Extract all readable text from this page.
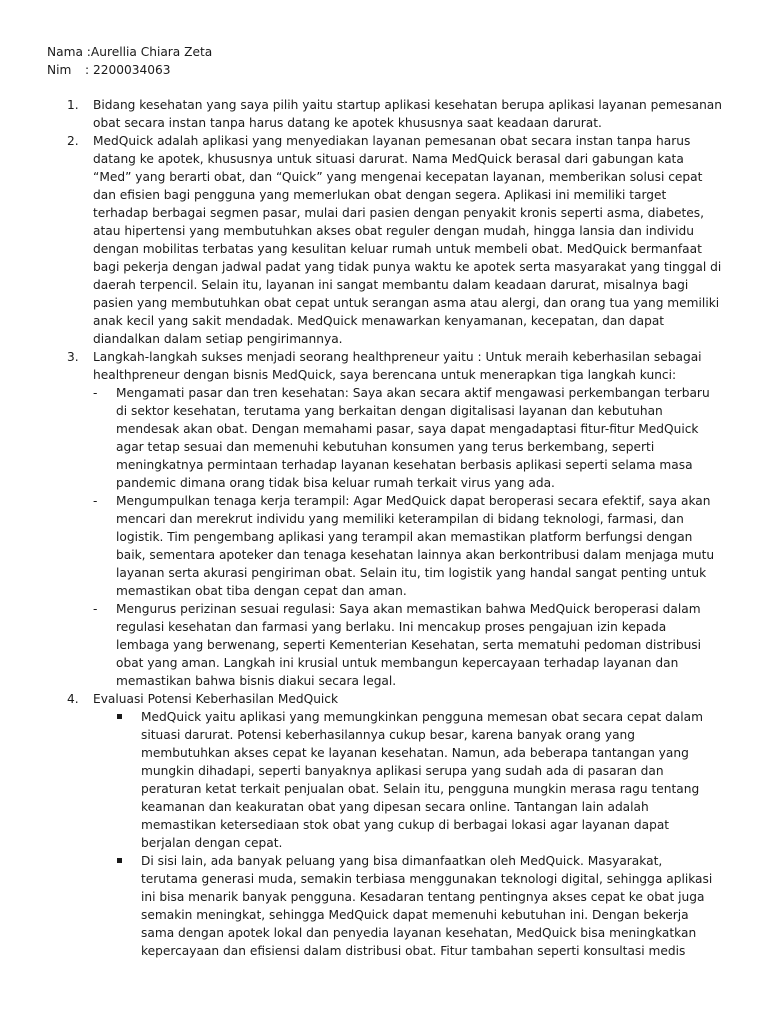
Nama :Aurellia Chiara Zeta
Nim : 2200034063
1. Bidang kesehatan yang saya pilih yaitu startup aplikasi kesehatan berupa aplikasi layanan pemesanan obat secara instan tanpa harus datang ke apotek khususnya saat keadaan darurat.
2. MedQuick adalah aplikasi yang menyediakan layanan pemesanan obat secara instan tanpa harus datang ke apotek, khususnya untuk situasi darurat. Nama MedQuick berasal dari gabungan kata “Med” yang berarti obat, dan “Quick” yang mengenai kecepatan layanan, memberikan solusi cepat dan efisien bagi pengguna yang memerlukan obat dengan segera. Aplikasi ini memiliki target terhadap berbagai segmen pasar, mulai dari pasien dengan penyakit kronis seperti asma, diabetes, atau hipertensi yang membutuhkan akses obat reguler dengan mudah, hingga lansia dan individu dengan mobilitas terbatas yang kesulitan keluar rumah untuk membeli obat. MedQuick bermanfaat bagi pekerja dengan jadwal padat yang tidak punya waktu ke apotek serta masyarakat yang tinggal di daerah terpencil. Selain itu, layanan ini sangat membantu dalam keadaan darurat, misalnya bagi pasien yang membutuhkan obat cepat untuk serangan asma atau alergi, dan orang tua yang memiliki anak kecil yang sakit mendadak. MedQuick menawarkan kenyamanan, kecepatan, dan dapat diandalkan dalam setiap pengirimannya.
3. Langkah-langkah sukses menjadi seorang healthpreneur yaitu : Untuk meraih keberhasilan sebagai healthpreneur dengan bisnis MedQuick, saya berencana untuk menerapkan tiga langkah kunci:
- Mengamati pasar dan tren kesehatan: Saya akan secara aktif mengawasi perkembangan terbaru di sektor kesehatan, terutama yang berkaitan dengan digitalisasi layanan dan kebutuhan mendesak akan obat. Dengan memahami pasar, saya dapat mengadaptasi fitur-fitur MedQuick agar tetap sesuai dan memenuhi kebutuhan konsumen yang terus berkembang, seperti meningkatnya permintaan terhadap layanan kesehatan berbasis aplikasi seperti selama masa pandemic dimana orang tidak bisa keluar rumah terkait virus yang ada.
- Mengumpulkan tenaga kerja terampil: Agar MedQuick dapat beroperasi secara efektif, saya akan mencari dan merekrut individu yang memiliki keterampilan di bidang teknologi, farmasi, dan logistik. Tim pengembang aplikasi yang terampil akan memastikan platform berfungsi dengan baik, sementara apoteker dan tenaga kesehatan lainnya akan berkontribusi dalam menjaga mutu layanan serta akurasi pengiriman obat. Selain itu, tim logistik yang handal sangat penting untuk memastikan obat tiba dengan cepat dan aman.
- Mengurus perizinan sesuai regulasi: Saya akan memastikan bahwa MedQuick beroperasi dalam regulasi kesehatan dan farmasi yang berlaku. Ini mencakup proses pengajuan izin kepada lembaga yang berwenang, seperti Kementerian Kesehatan, serta mematuhi pedoman distribusi obat yang aman. Langkah ini krusial untuk membangun kepercayaan terhadap layanan dan memastikan bahwa bisnis diakui secara legal.
4. Evaluasi Potensi Keberhasilan MedQuick
MedQuick yaitu aplikasi yang memungkinkan pengguna memesan obat secara cepat dalam situasi darurat. Potensi keberhasilannya cukup besar, karena banyak orang yang membutuhkan akses cepat ke layanan kesehatan. Namun, ada beberapa tantangan yang mungkin dihadapi, seperti banyaknya aplikasi serupa yang sudah ada di pasaran dan peraturan ketat terkait penjualan obat. Selain itu, pengguna mungkin merasa ragu tentang keamanan dan keakuratan obat yang dipesan secara online. Tantangan lain adalah memastikan ketersediaan stok obat yang cukup di berbagai lokasi agar layanan dapat berjalan dengan cepat.
Di sisi lain, ada banyak peluang yang bisa dimanfaatkan oleh MedQuick. Masyarakat, terutama generasi muda, semakin terbiasa menggunakan teknologi digital, sehingga aplikasi ini bisa menarik banyak pengguna. Kesadaran tentang pentingnya akses cepat ke obat juga semakin meningkat, sehingga MedQuick dapat memenuhi kebutuhan ini. Dengan bekerja sama dengan apotek lokal dan penyedia layanan kesehatan, MedQuick bisa meningkatkan kepercayaan dan efisiensi dalam distribusi obat. Fitur tambahan seperti konsultasi medis
